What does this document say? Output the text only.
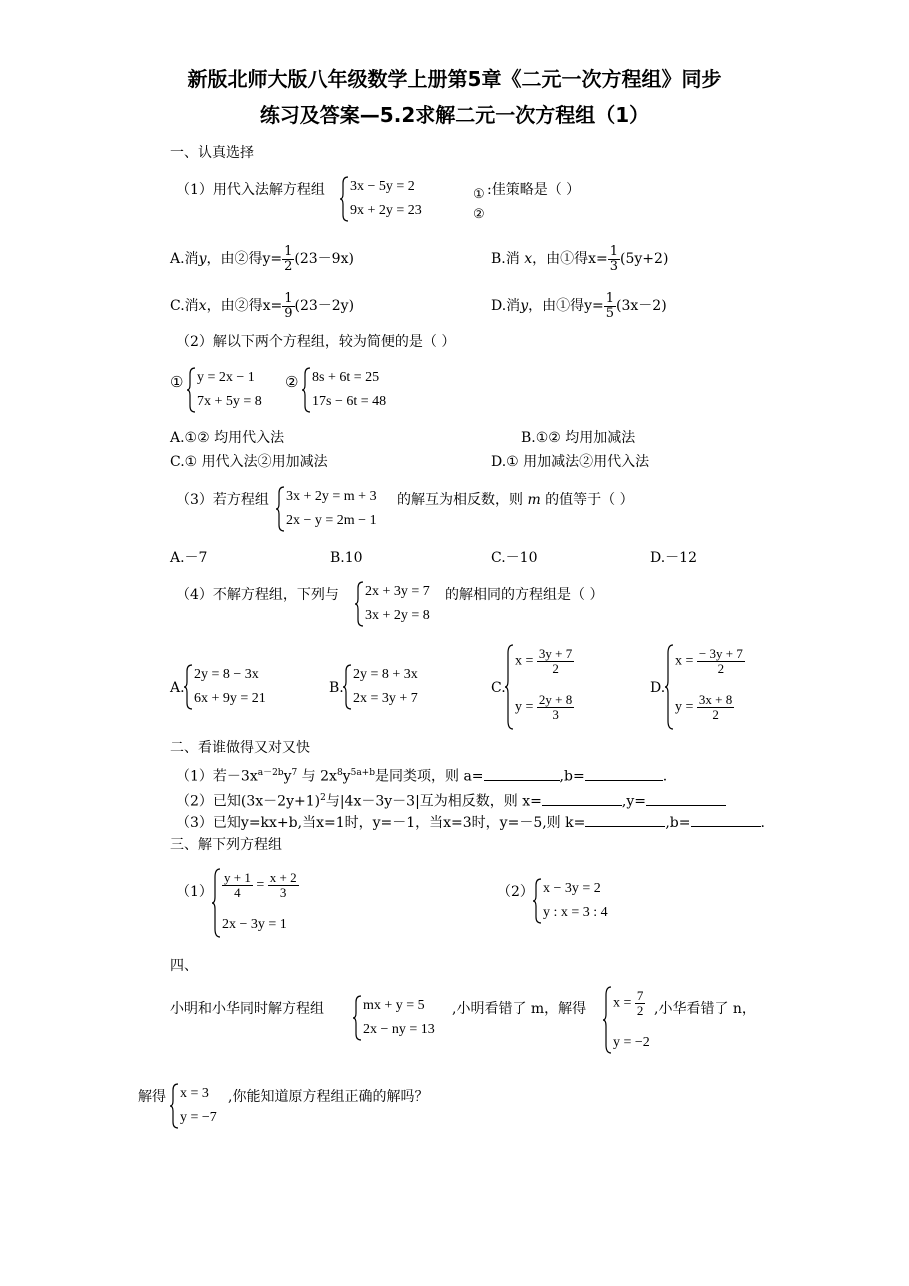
新版北师大版八年级数学上册第5章《二元一次方程组》同步
练习及答案—5.2求解二元一次方程组（1）
一、认真选择
（1）用代入法解方程组 3x − 5y = 2
9x + 2y = 23
①
②
:佳策略是（ ）
A.消y，由②得$y= \frac{1}{2} (23-9x)$	B.消 x，由①得$x= \frac{1}{3} (5y+2)$
C.消x，由②得$x= \frac{1}{9} (23-2y)$	D.消y，由①得$y= \frac{1}{5} (3x-2)$
（2）解以下两个方程组，较为简便的是（ ）
① y = 2x − 1
7x + 5y = 8
② 8s + 6t = 25
17s − 6t = 48
A.①② 均用代入法	B.①② 均用加减法
C.① 用代入法②用加减法	D.① 用加减法②用代入法
（3）若方程组 3x + 2y = m + 3
2x − y = 2m − 1
的解互为相反数，则 m 的值等于（ ）
A.－7	B.10	C.－10	D.－12
（4）不解方程组，下列与 2x + 3y = 7
3x + 2y = 8
的解相同的方程组是（ ）
A.
2y = 8 − 3x
6x + 9y = 21
B.
2y = 8 + 3x
2x = 3y + 7
C.
$x = \frac{3y + 7}{2}$
$y = \frac{2y + 8}{3}$
D.
$x = \frac{- 3y + 7}{2}$
$y = \frac{3x + 8}{2}$
二、看谁做得又对又快
（1）若$-3x^{a-2b}y^7$ 与 $2x^8y^{5a+b}$是同类项，则 a=	,b=	.
（2）已知$(3x-2y+1)^2$与|4x－3y－3|互为相反数，则 x=	,y=
（3）已知y=kx+b,当x=1时，y=－1，当x=3时，y=－5,则 k=	,b=	.
三、解下列方程组
$(1) \frac{y + 1}{4} = \frac{x + 2}{3}$
2x − 3y = 1
（2） x − 3y = 2
y : x = 3 : 4
四、
小明和小华同时解方程组	mx + y = 5
2x − ny = 13
,小明看错了 m，解得 $x = \frac{7}{2}$
y = −2
,小华看错了 n，
解得 x = 3
y = −7
,你能知道原方程组正确的解吗？
